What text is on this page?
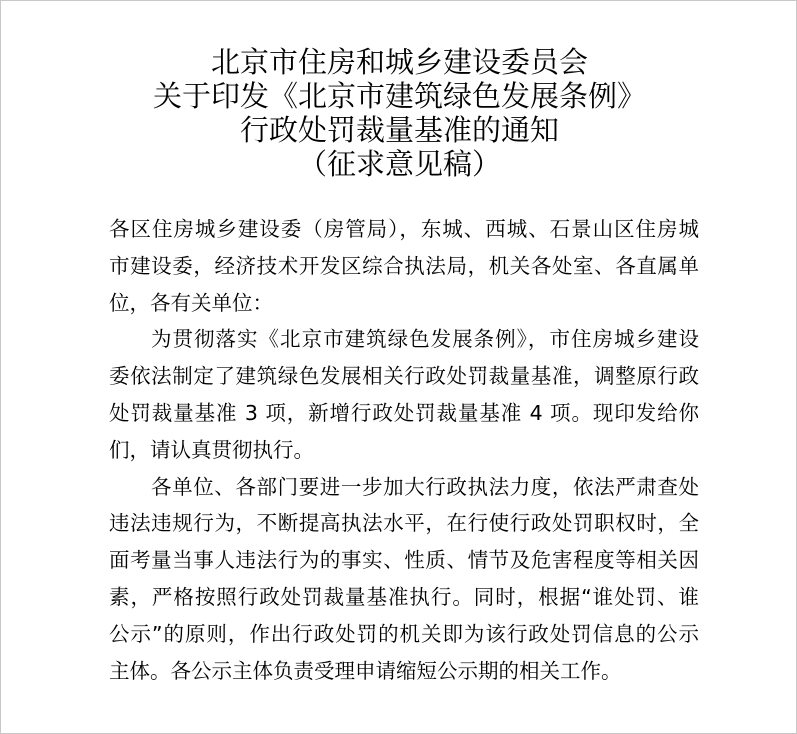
北京市住房和城乡建设委员会
关于印发《北京市建筑绿色发展条例》
行政处罚裁量基准的通知
（征求意见稿）
各区住房城乡建设委（房管局），东城、西城、石景山区住房城
市建设委，经济技术开发区综合执法局，机关各处室、各直属单
位，各有关单位：
为贯彻落实《北京市建筑绿色发展条例》，市住房城乡建设
委依法制定了建筑绿色发展相关行政处罚裁量基准，调整原行政
处罚裁量基准 3 项，新增行政处罚裁量基准 4 项。现印发给你
们，请认真贯彻执行。
各单位、各部门要进一步加大行政执法力度，依法严肃查处
违法违规行为，不断提高执法水平，在行使行政处罚职权时，全
面考量当事人违法行为的事实、性质、情节及危害程度等相关因
素，严格按照行政处罚裁量基准执行。同时，根据“谁处罚、谁
公示”的原则，作出行政处罚的机关即为该行政处罚信息的公示
主体。各公示主体负责受理申请缩短公示期的相关工作。
